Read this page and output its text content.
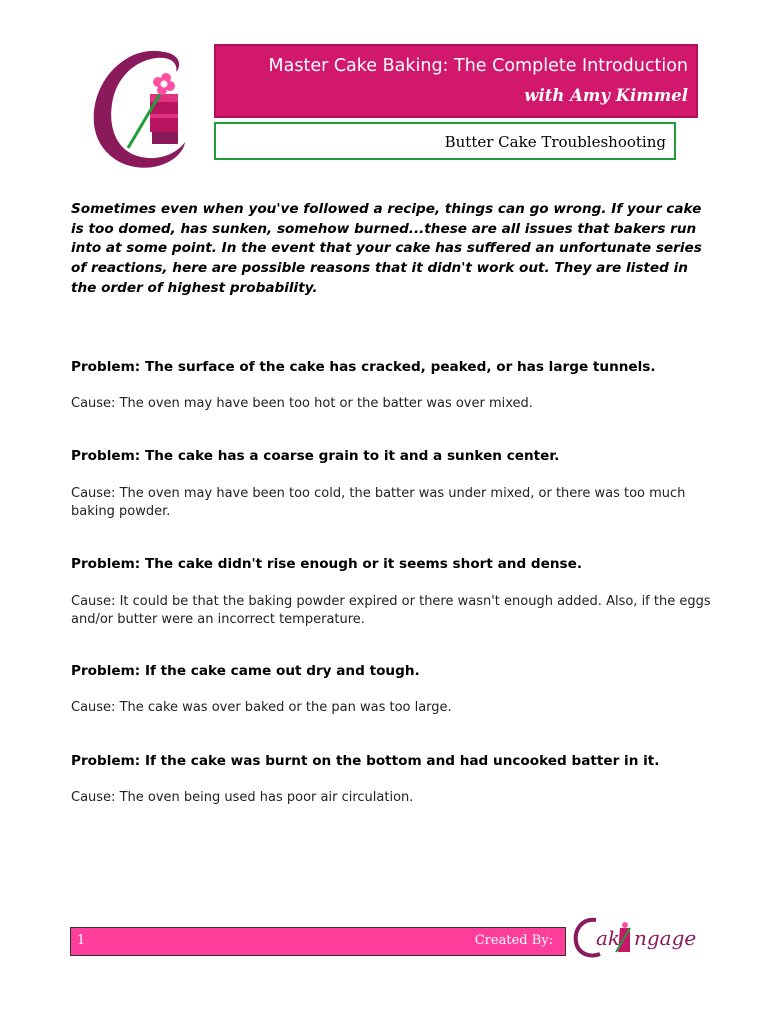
Master Cake Baking: The Complete Introduction
with Amy Kimmel
Butter Cake Troubleshooting

Sometimes even when you've followed a recipe, things can go wrong. If your cake is too domed, has sunken, somehow burned...these are all issues that bakers run into at some point. In the event that your cake has suffered an unfortunate series of reactions, here are possible reasons that it didn't work out. They are listed in the order of highest probability.

Problem: The surface of the cake has cracked, peaked, or has large tunnels.

Cause: The oven may have been too hot or the batter was over mixed.

Problem: The cake has a coarse grain to it and a sunken center.

Cause: The oven may have been too cold, the batter was under mixed, or there was too much baking powder.

Problem: The cake didn't rise enough or it seems short and dense.

Cause: It could be that the baking powder expired or there wasn't enough added. Also, if the eggs and/or butter were an incorrect temperature.

Problem: If the cake came out dry and tough.

Cause: The cake was over baked or the pan was too large.

Problem: If the cake was burnt on the bottom and had uncooked batter in it.

Cause: The oven being used has poor air circulation.

1	Created By: ak ngage
